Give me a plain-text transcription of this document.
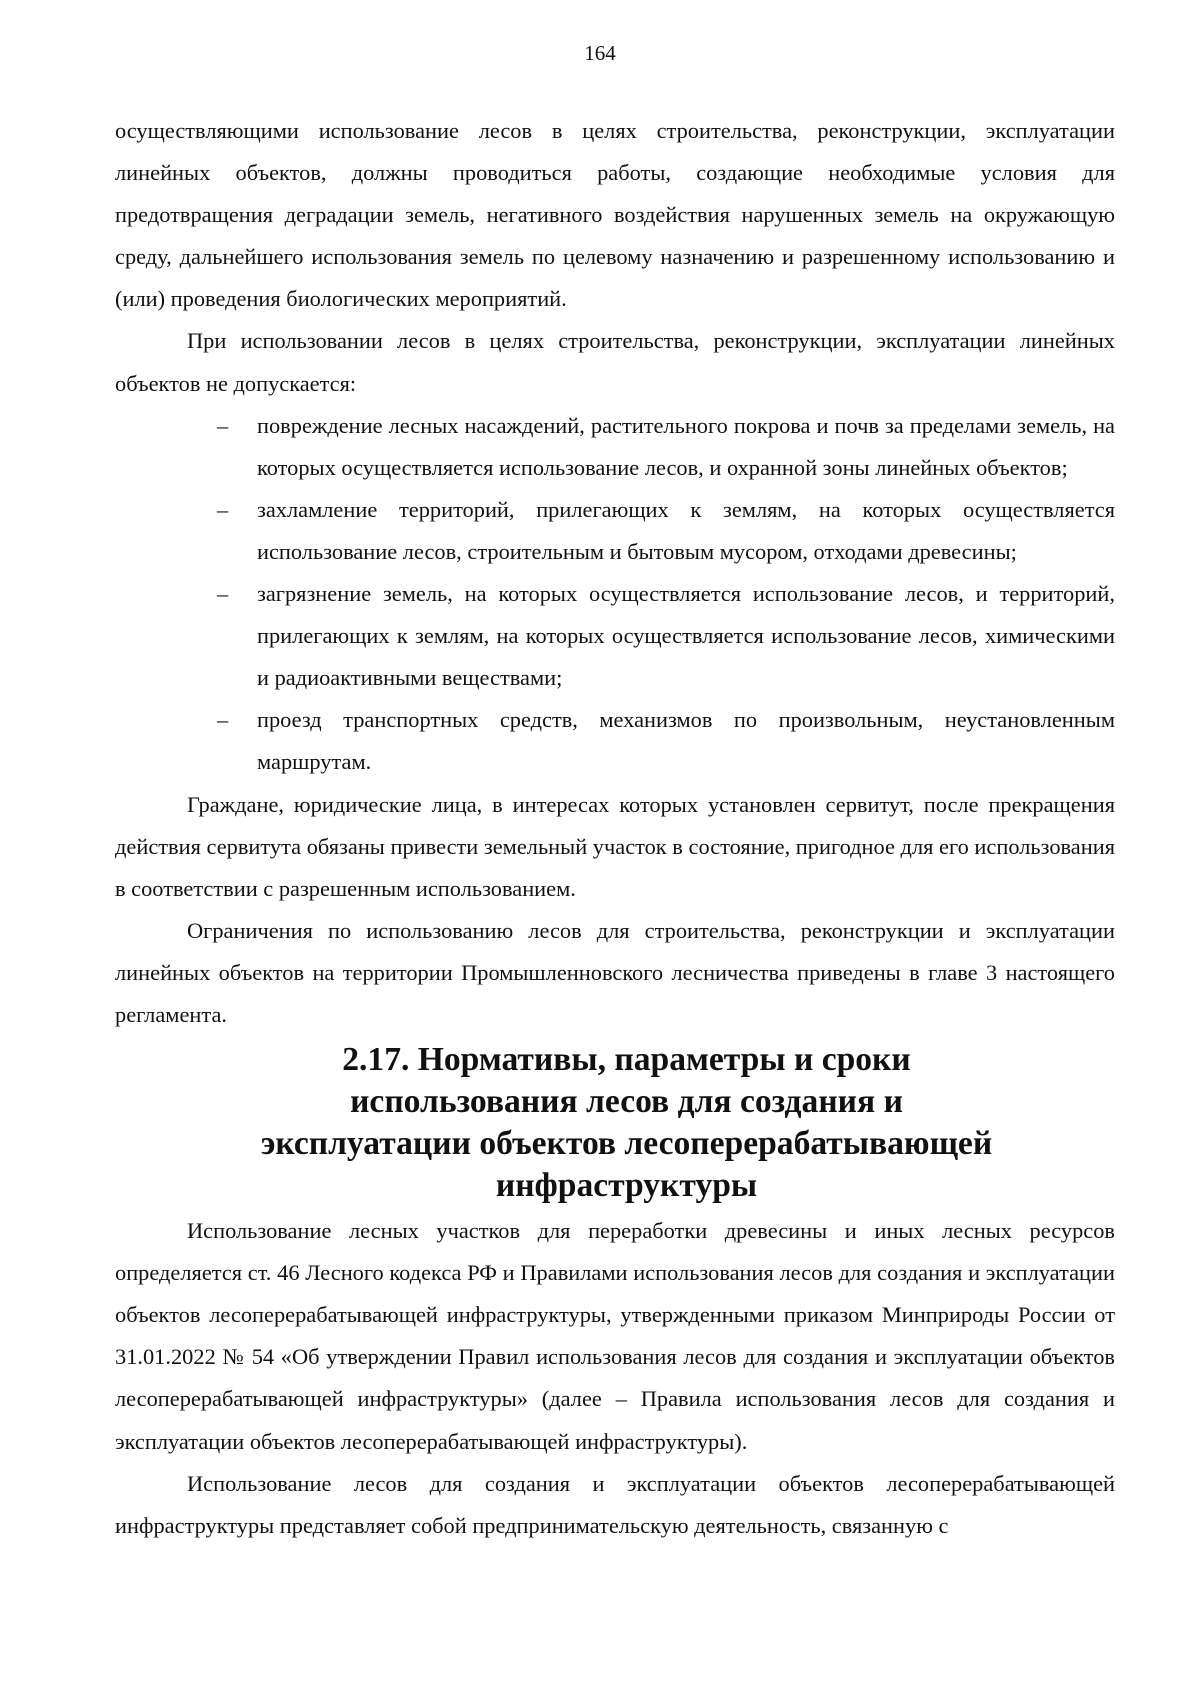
164

осуществляющими использование лесов в целях строительства, реконструкции, эксплуатации линейных объектов, должны проводиться работы, создающие необходимые условия для предотвращения деградации земель, негативного воздействия нарушенных земель на окружающую среду, дальнейшего использования земель по целевому назначению и разрешенному использованию и (или) проведения биологических мероприятий.

При использовании лесов в целях строительства, реконструкции, эксплуатации линейных объектов не допускается:

– повреждение лесных насаждений, растительного покрова и почв за пределами земель, на которых осуществляется использование лесов, и охранной зоны линейных объектов;
– захламление территорий, прилегающих к землям, на которых осуществляется использование лесов, строительным и бытовым мусором, отходами древесины;
– загрязнение земель, на которых осуществляется использование лесов, и территорий, прилегающих к землям, на которых осуществляется использование лесов, химическими и радиоактивными веществами;
– проезд транспортных средств, механизмов по произвольным, неустановленным маршрутам.

Граждане, юридические лица, в интересах которых установлен сервитут, после прекращения действия сервитута обязаны привести земельный участок в состояние, пригодное для его использования в соответствии с разрешенным использованием.

Ограничения по использованию лесов для строительства, реконструкции и эксплуатации линейных объектов на территории Промышленновского лесничества приведены в главе 3 настоящего регламента.

2.17. Нормативы, параметры и сроки использования лесов для создания и эксплуатации объектов лесоперерабатывающей инфраструктуры

Использование лесных участков для переработки древесины и иных лесных ресурсов определяется ст. 46 Лесного кодекса РФ и Правилами использования лесов для создания и эксплуатации объектов лесоперерабатывающей инфраструктуры, утвержденными приказом Минприроды России от 31.01.2022 № 54 «Об утверждении Правил использования лесов для создания и эксплуатации объектов лесоперерабатывающей инфраструктуры» (далее – Правила использования лесов для создания и эксплуатации объектов лесоперерабатывающей инфраструктуры).

Использование лесов для создания и эксплуатации объектов лесоперерабатывающей инфраструктуры представляет собой предпринимательскую деятельность, связанную с
